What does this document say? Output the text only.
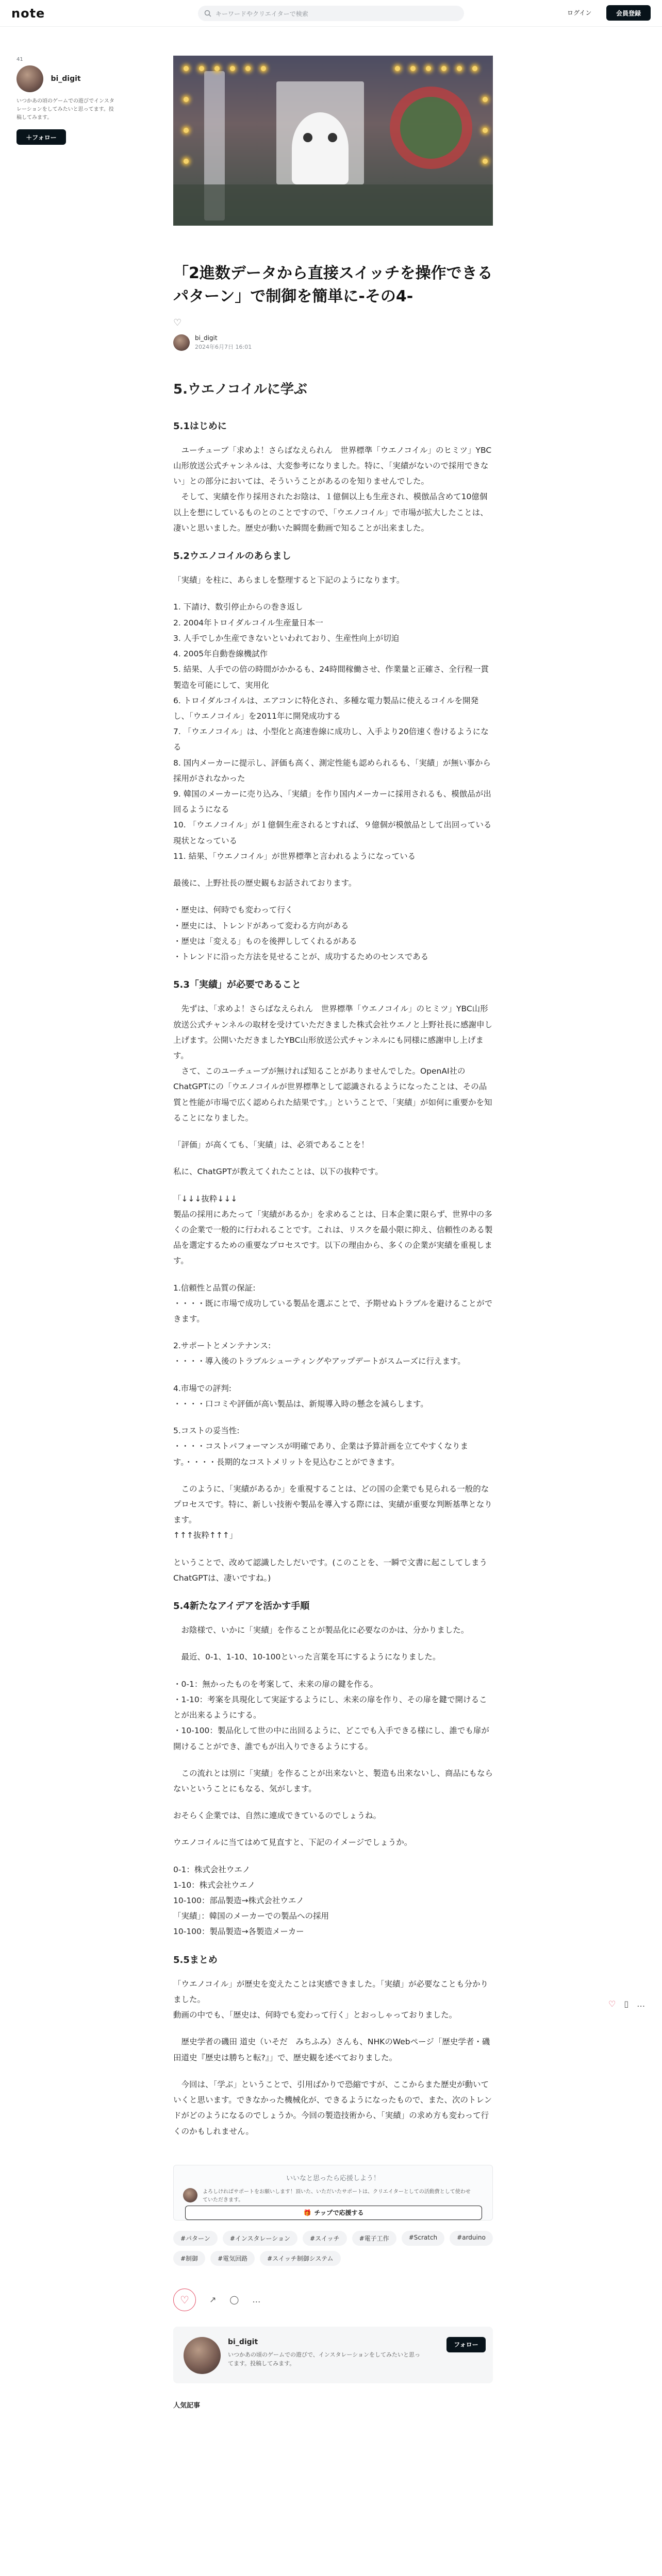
note	キーワードやクリエイターで検索	ログイン	会員登録
41
bi_digit
いつかあの頃のゲームでの遊びでインスタレーションをしてみたいと思ってます。投稿してみます。
＋フォロー
「2進数データから直接スイッチを操作できるパターン」で制御を簡単に-その4-
♡
bi_digit
2024年6月7日 16:01
5.ウエノコイルに学ぶ
5.1はじめに

　ユーチューブ「求めよ！さらばなえられん　世界標準「ウエノコイル」のヒミツ」YBC山形放送公式チャンネルは、大変参考になりました。特に、「実績がないので採用できない」との部分においては、そういうことがあるのを知りませんでした。
　そして、実績を作り採用されたお陰は、１億個以上も生産され、模倣品含めて10億個以上を想にしているものとのことですので、「ウエノコイル」で市場が拡大したことは、凄いと思いました。歴史が動いた瞬間を動画で知ることが出来ました。

5.2ウエノコイルのあらまし

「実績」を柱に、あらましを整理すると下記のようになります。

1. 下請け、数引停止からの巻き返し
2. 2004年トロイダルコイル生産量日本一
3. 人手でしか生産できないといわれており、生産性向上が切迫
4. 2005年自動巻線機試作
5. 結果、人手での倍の時間がかかるも、24時間稼働させ、作業量と正確さ、全行程一貫製造を可能にして、実用化
6. トロイダルコイルは、エアコンに特化され、多種な電力製品に使えるコイルを開発し、「ウエノコイル」を2011年に開発成功する
7. 「ウエノコイル」は、小型化と高速巻線に成功し、入手より20倍速く巻けるようになる
8. 国内メーカーに提示し、評価も高く、測定性能も認められるも、「実績」が無い事から採用がされなかった
9. 韓国のメーカーに売り込み、「実績」を作り国内メーカーに採用されるも、模倣品が出回るようになる
10. 「ウエノコイル」が１億個生産されるとすれば、９億個が模倣品として出回っている現状となっている
11. 結果、「ウエノコイル」が世界標準と言われるようになっている

最後に、上野社長の歴史観もお話されております。

・歴史は、何時でも変わって行く
・歴史には、トレンドがあって変わる方向がある
・歴史は「変える」ものを後押ししてくれるがある
・トレンドに沿った方法を見せることが、成功するためのセンスである

5.3「実績」が必要であること

　先ずは、「求めよ！さらばなえられん　世界標準「ウエノコイル」のヒミツ」YBC山形放送公式チャンネルの取材を受けていただきました株式会社ウエノと上野社長に感謝申し上げます。公開いただきましたYBC山形放送公式チャンネルにも同様に感謝申し上げます。
　さて、このユーチューブが無ければ知ることがありませんでした。OpenAI社のChatGPTにの「ウエノコイルが世界標準として認識されるようになったことは、その品質と性能が市場で広く認められた結果です。」ということで、「実績」が如何に重要かを知ることになりました。

「評価」が高くても、「実績」は、必須であることを！

私に、ChatGPTが教えてくれたことは、以下の抜粋です。

「↓↓↓抜粋↓↓↓
製品の採用にあたって「実績があるか」を求めることは、日本企業に限らず、世界中の多くの企業で一般的に行われることです。これは、リスクを最小限に抑え、信頼性のある製品を選定するための重要なプロセスです。以下の理由から、多くの企業が実績を重視します。

1.信頼性と品質の保証:
・・・・既に市場で成功している製品を選ぶことで、予期せぬトラブルを避けることができます。

2.サポートとメンテナンス:
・・・・導入後のトラブルシューティングやアップデートがスムーズに行えます。

4.市場での評判:
・・・・口コミや評価が高い製品は、新規導入時の懸念を減らします。

5.コストの妥当性:
・・・・コストパフォーマンスが明確であり、企業は予算計画を立てやすくなります。・・・・長期的なコストメリットを見込むことができます。

　このように、「実績があるか」を重視することは、どの国の企業でも見られる一般的なプロセスです。特に、新しい技術や製品を導入する際には、実績が重要な判断基準となります。
↑↑↑抜粋↑↑↑」

ということで、改めて認識したしだいです。(このことを、一瞬で文書に起こしてしまうChatGPTは、凄いですね。)

5.4新たなアイデアを活かす手順

　お陰様で、いかに「実績」を作ることが製品化に必要なのかは、分かりました。

　最近、0-1、1-10、10-100といった言葉を耳にするようになりました。

・0-1：無かったものを考案して、未来の扉の鍵を作る。
・1-10：考案を具現化して実証するようにし、未来の扉を作り、その扉を鍵で開けることが出来るようにする。
・10-100：製品化して世の中に出回るように、どこでも入手できる様にし、誰でも扉が開けることができ、誰でもが出入りできるようにする。

　この流れとは別に「実績」を作ることが出来ないと、製造も出来ないし、商品にもならないということにもなる、気がします。

おそらく企業では、自然に連成できているのでしょうね。

ウエノコイルに当てはめて見直すと、下記のイメージでしょうか。

0-1：株式会社ウエノ
1-10：株式会社ウエノ
10-100：部品製造→株式会社ウエノ
「実績」：韓国のメーカーでの製品への採用
10-100：製品製造→各製造メーカー

5.5まとめ

「ウエノコイル」が歴史を変えたことは実感できました。「実績」が必要なことも分かりました。
動画の中でも、「歴史は、何時でも変わって行く」とおっしゃっておりました。

　歴史学者の磯田 道史（いそだ　みちふみ）さんも、NHKのWebページ「歴史学者・磯田道史『歴史は勝ちと転?』」で、歴史観を述べておりました。

　今回は、「学ぶ」ということで、引用ばかりで恐縮ですが、ここからまた歴史が動いていくと思います。できなかった機械化が、できるようになったもので、また、次のトレンドがどのようになるのでしょうか。今回の製造技術から、「実績」の求め方も変わって行くのかもしれません。

いいなと思ったら応援しよう！
よろしければサポートをお願いします！頂いた、いただいたサポートは、クリエイターとしての活動費として使わせていただきます。
🎁 チップで応援する
#パターン	#インスタレーション	#スイッチ	#電子工作	#Scratch	#arduino
#制御	#電気回路	#スイッチ制御システム
♡ ↗ ◯ …
bi_digit
いつかあの頃のゲームでの遊びで、インスタレーションをしてみたいと思ってます。投稿してみます。
フォロー
人気記事
♡ ▯ …
